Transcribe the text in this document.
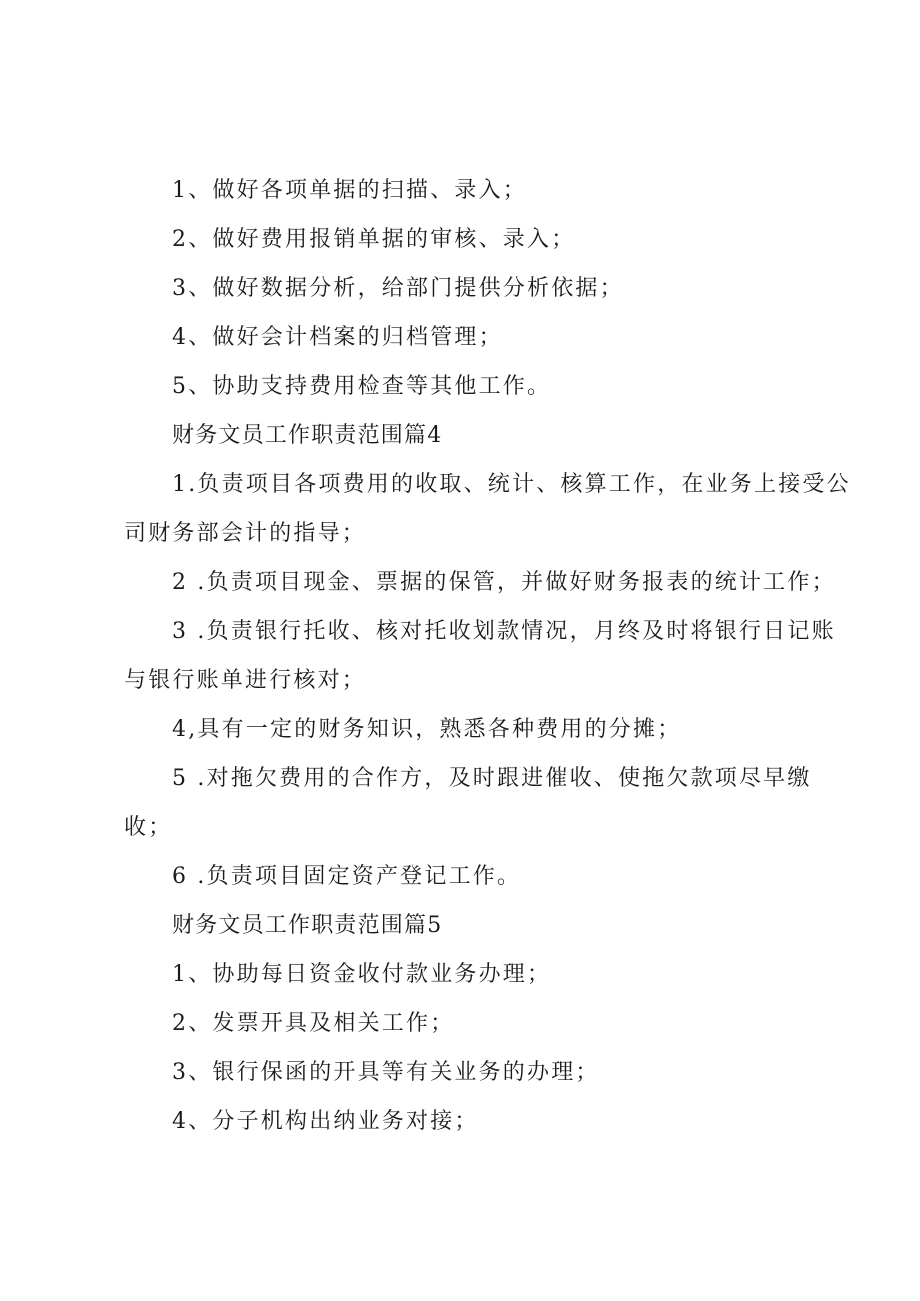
1、做好各项单据的扫描、录入；
2、做好费用报销单据的审核、录入；
3、做好数据分析，给部门提供分析依据；
4、做好会计档案的归档管理；
5、协助支持费用检查等其他工作。
财务文员工作职责范围篇4
1.负责项目各项费用的收取、统计、核算工作，在业务上接受公
司财务部会计的指导；
2 .负责项目现金、票据的保管，并做好财务报表的统计工作；
3 .负责银行托收、核对托收划款情况，月终及时将银行日记账
与银行账单进行核对；
4,具有一定的财务知识，熟悉各种费用的分摊；
5 .对拖欠费用的合作方，及时跟进催收、使拖欠款项尽早缴
收；
6 .负责项目固定资产登记工作。
财务文员工作职责范围篇5
1、协助每日资金收付款业务办理；
2、发票开具及相关工作；
3、银行保函的开具等有关业务的办理；
4、分子机构出纳业务对接；
